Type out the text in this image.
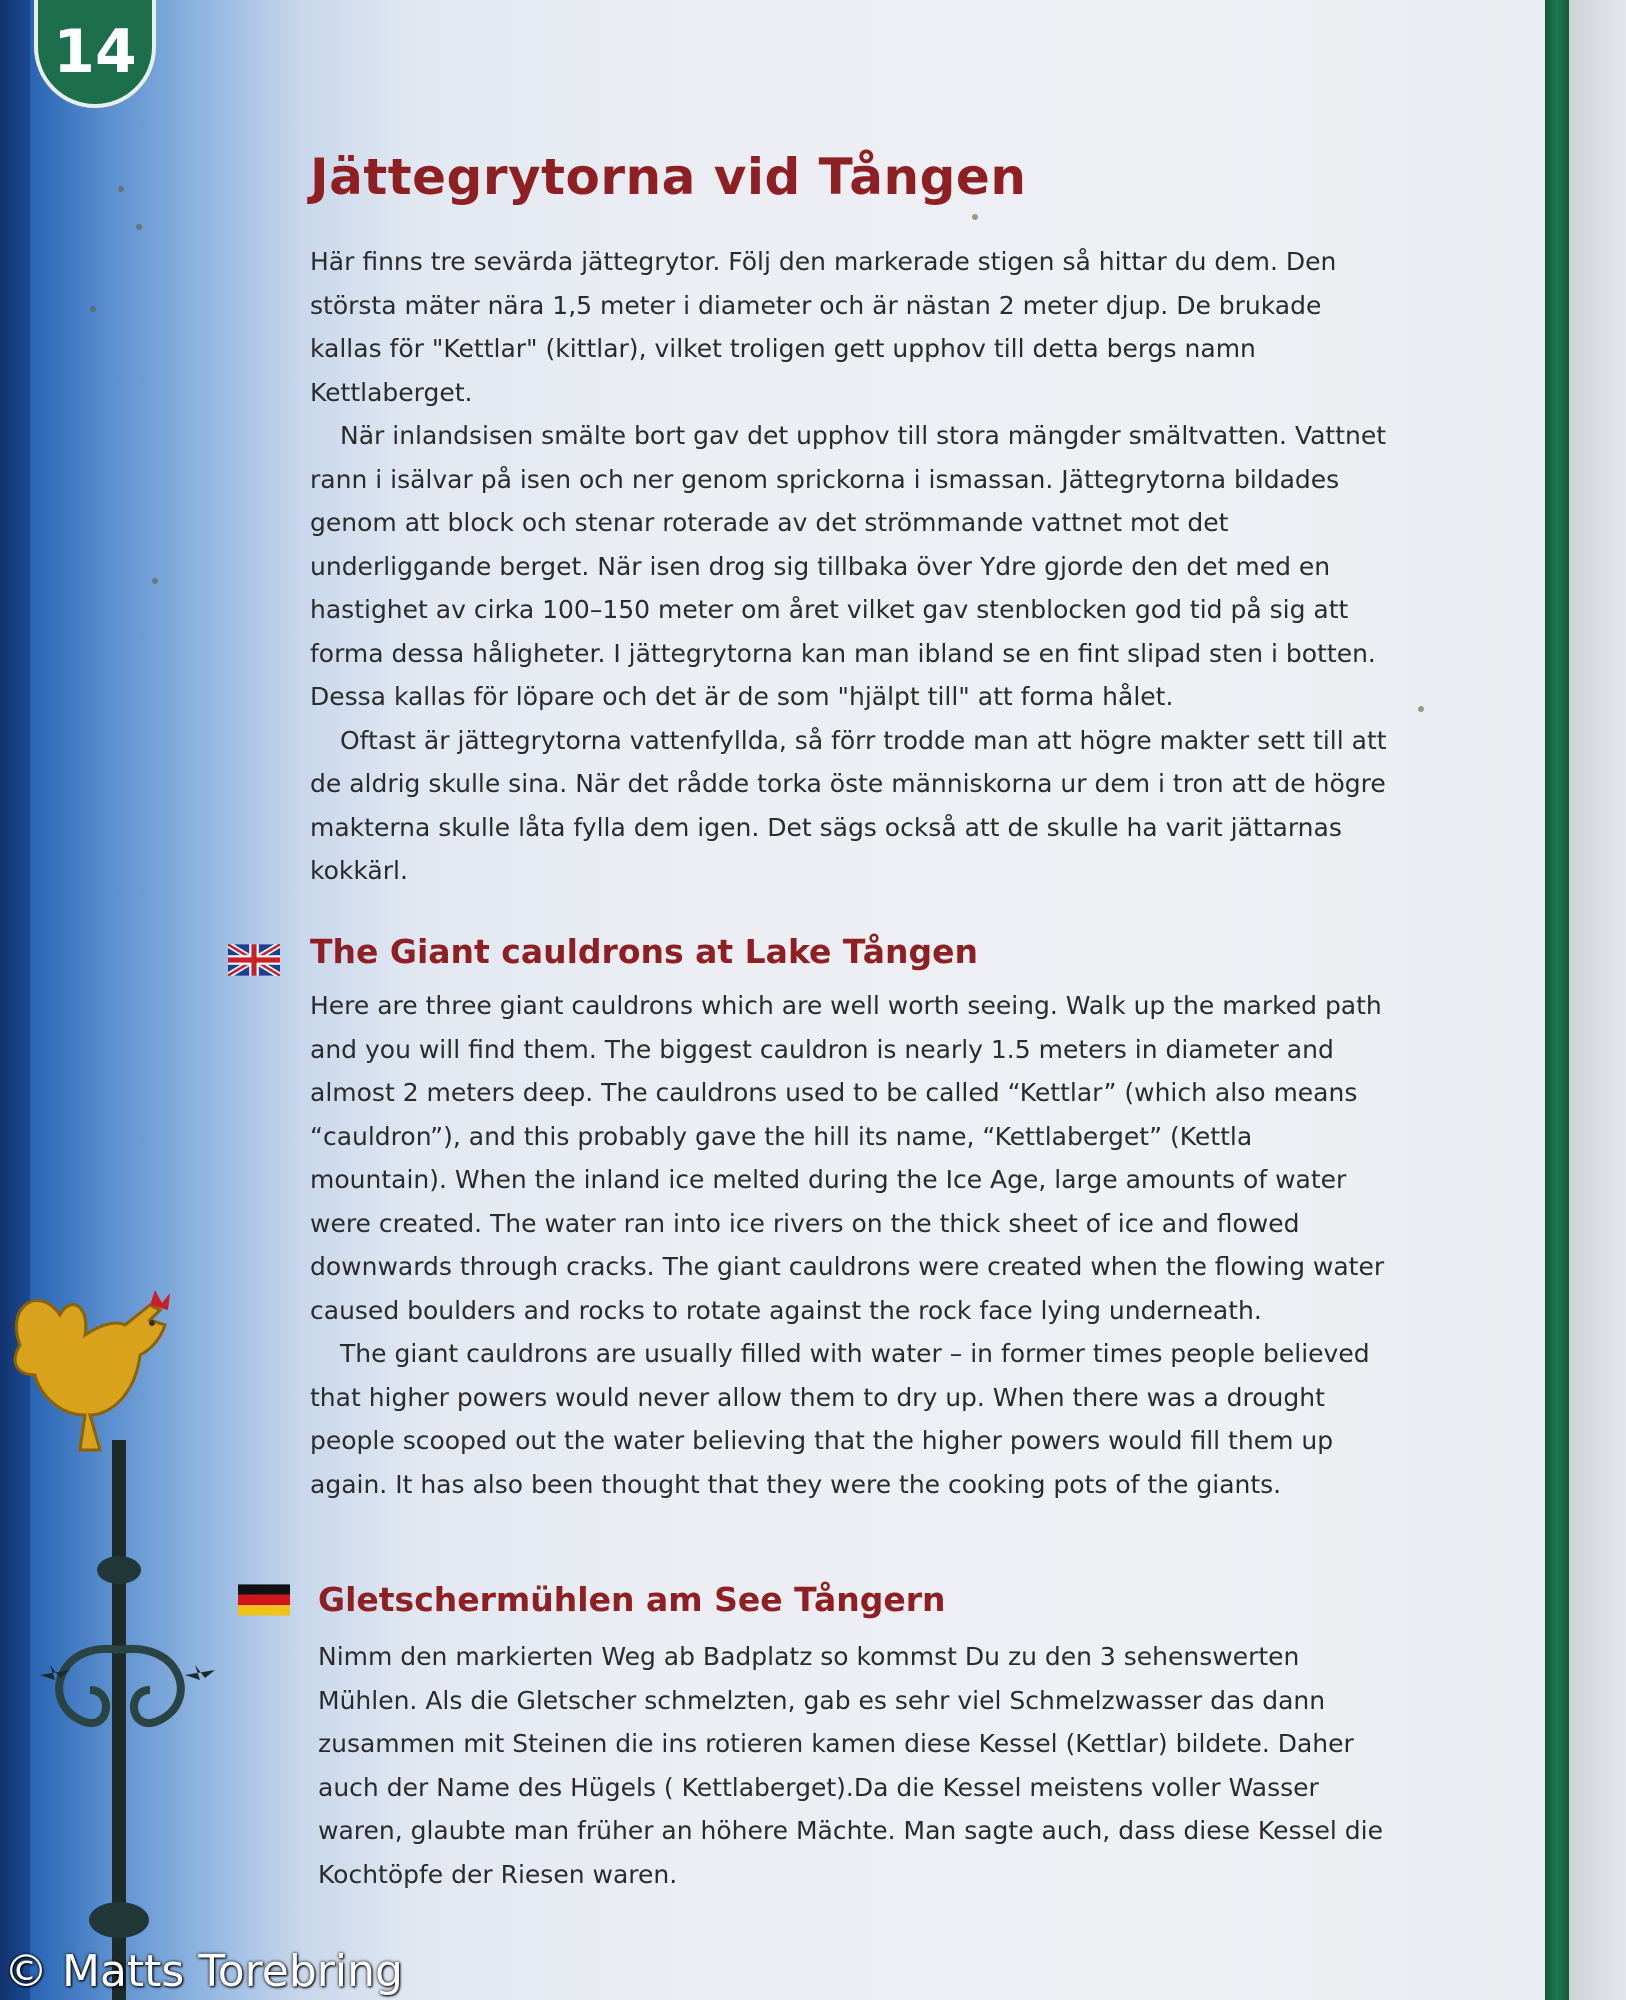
14
Jättegrytorna vid Tången

Här finns tre sevärda jättegrytor. Följ den markerade stigen så hittar du dem. Den största mäter nära 1,5 meter i diameter och är nästan 2 meter djup. De brukade kallas för "Kettlar" (kittlar), vilket troligen gett upphov till detta bergs namn Kettlaberget.

När inlandsisen smälte bort gav det upphov till stora mängder smältvatten. Vattnet rann i isälvar på isen och ner genom sprickorna i ismassan. Jättegrytorna bildades genom att block och stenar roterade av det strömmande vattnet mot det underliggande berget. När isen drog sig tillbaka över Ydre gjorde den det med en hastighet av cirka 100–150 meter om året vilket gav stenblocken god tid på sig att forma dessa håligheter. I jättegrytorna kan man ibland se en fint slipad sten i botten. Dessa kallas för löpare och det är de som "hjälpt till" att forma hålet.

Oftast är jättegrytorna vattenfyllda, så förr trodde man att högre makter sett till att de aldrig skulle sina. När det rådde torka öste människorna ur dem i tron att de högre makterna skulle låta fylla dem igen. Det sägs också att de skulle ha varit jättarnas kokkärl.

The Giant cauldrons at Lake Tången

Here are three giant cauldrons which are well worth seeing. Walk up the marked path and you will find them. The biggest cauldron is nearly 1.5 meters in diameter and almost 2 meters deep. The cauldrons used to be called “Kettlar” (which also means “cauldron”), and this probably gave the hill its name, “Kettlaberget” (Kettla mountain). When the inland ice melted during the Ice Age, large amounts of water were created. The water ran into ice rivers on the thick sheet of ice and flowed downwards through cracks. The giant cauldrons were created when the flowing water caused boulders and rocks to rotate against the rock face lying underneath.

The giant cauldrons are usually filled with water – in former times people believed that higher powers would never allow them to dry up. When there was a drought people scooped out the water believing that the higher powers would fill them up again. It has also been thought that they were the cooking pots of the giants.

Gletschermühlen am See Tångern

Nimm den markierten Weg ab Badplatz so kommst Du zu den 3 sehenswerten Mühlen. Als die Gletscher schmelzten, gab es sehr viel Schmelzwasser das dann zusammen mit Steinen die ins rotieren kamen diese Kessel (Kettlar) bildete. Daher auch der Name des Hügels ( Kettlaberget).Da die Kessel meistens voller Wasser waren, glaubte man früher an höhere Mächte. Man sagte auch, dass diese Kessel die Kochtöpfe der Riesen waren.

© Matts Torebring
